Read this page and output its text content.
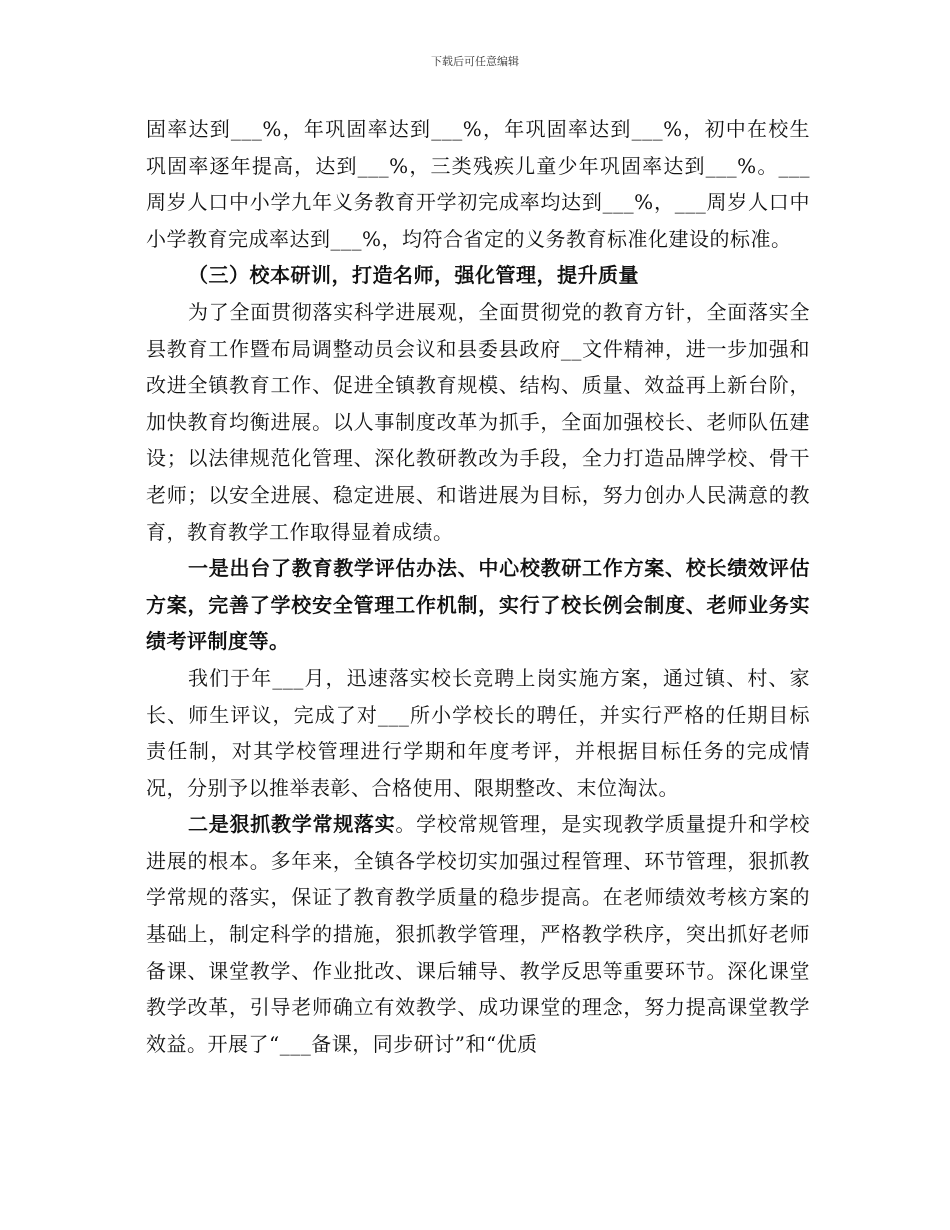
下载后可任意编辑

固率达到___%，年巩固率达到___%，年巩固率达到___%，初中在校生巩固率逐年提高，达到___%，三类残疾儿童少年巩固率达到___%。___周岁人口中小学九年义务教育开学初完成率均达到___%，___周岁人口中小学教育完成率达到___%，均符合省定的义务教育标准化建设的标准。

（三）校本研训，打造名师，强化管理，提升质量

为了全面贯彻落实科学进展观，全面贯彻党的教育方针，全面落实全县教育工作暨布局调整动员会议和县委县政府__文件精神，进一步加强和改进全镇教育工作、促进全镇教育规模、结构、质量、效益再上新台阶，加快教育均衡进展。以人事制度改革为抓手，全面加强校长、老师队伍建设；以法律规范化管理、深化教研教改为手段，全力打造品牌学校、骨干老师；以安全进展、稳定进展、和谐进展为目标，努力创办人民满意的教育，教育教学工作取得显着成绩。

一是出台了教育教学评估办法、中心校教研工作方案、校长绩效评估方案，完善了学校安全管理工作机制，实行了校长例会制度、老师业务实绩考评制度等。

我们于年___月，迅速落实校长竞聘上岗实施方案，通过镇、村、家长、师生评议，完成了对___所小学校长的聘任，并实行严格的任期目标责任制，对其学校管理进行学期和年度考评，并根据目标任务的完成情况，分别予以推举表彰、合格使用、限期整改、末位淘汰。

二是狠抓教学常规落实。学校常规管理，是实现教学质量提升和学校进展的根本。多年来，全镇各学校切实加强过程管理、环节管理，狠抓教学常规的落实，保证了教育教学质量的稳步提高。在老师绩效考核方案的基础上，制定科学的措施，狠抓教学管理，严格教学秩序，突出抓好老师备课、课堂教学、作业批改、课后辅导、教学反思等重要环节。深化课堂教学改革，引导老师确立有效教学、成功课堂的理念，努力提高课堂教学效益。开展了“___备课，同步研讨”和“优质
